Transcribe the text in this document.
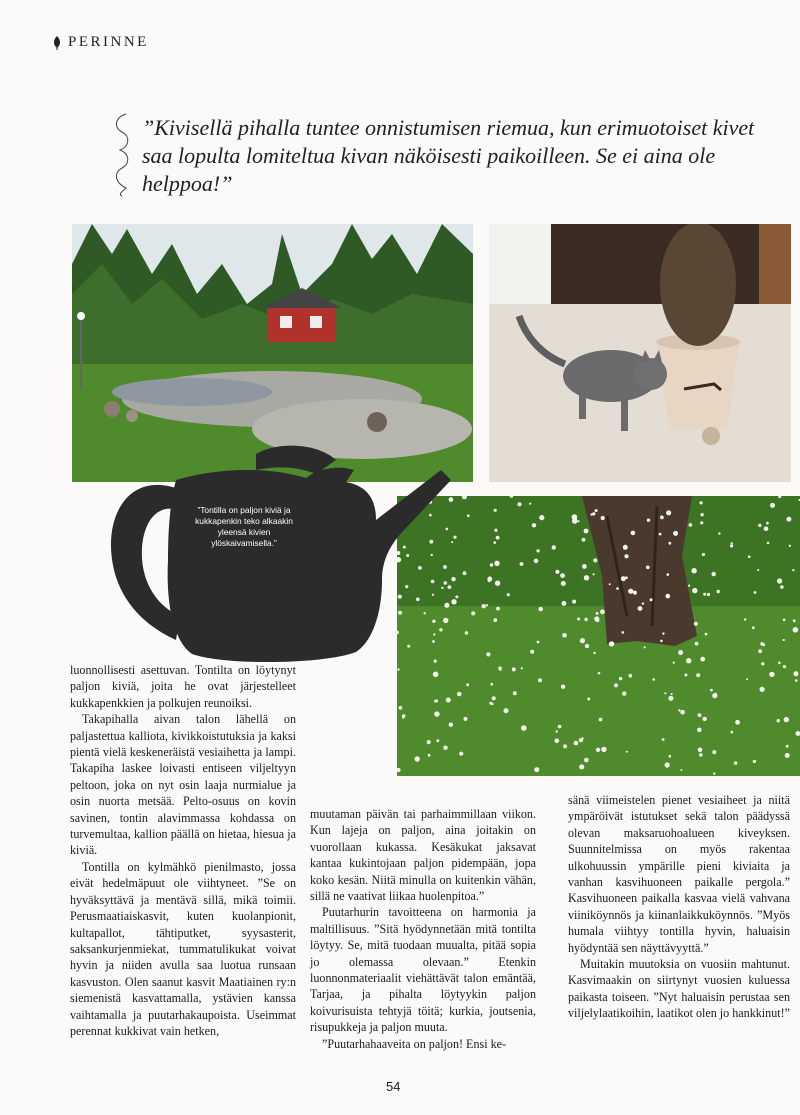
PERINNE
”Kivisellä pihalla tuntee onnistumisen riemua, kun erimuotoiset kivet saa lopulta lomiteltua kivan näköisesti paikoilleen. Se ei aina ole helppoa!”
”Tontilla on paljon kiviä ja kukkapenkin teko alkaakin yleensä kivien ylöskaivamisella.”

luonnollisesti asettuvan. Tontilta on löytynyt paljon kiviä, joita he ovat järjestelleet kukkapenkkien ja polkujen reunoiksi.

Takapihalla aivan talon lähellä on paljastettua kalliota, kivikkoistutuksia ja kaksi pientä vielä keskeneräistä vesiaihetta ja lampi. Takapiha laskee loivasti entiseen viljeltyyn peltoon, joka on nyt osin laaja nurmialue ja osin nuorta metsää. Pelto-osuus on kovin savinen, tontin alavimmassa kohdassa on turvemultaa, kallion päällä on hietaa, hiesua ja kiviä.

Tontilla on kylmähkö pienilmasto, jossa eivät hedelmäpuut ole viihtyneet. ”Se on hyväksyttävä ja mentävä sillä, mikä toimii. Perusmaatiaiskasvit, kuten kuolanpionit, kultapallot, tähtiputket, syysasterit, saksankurjenmiekat, tummatulikukat voivat hyvin ja niiden avulla saa luotua runsaan kasvuston. Olen saanut kasvit Maatiainen ry:n siemenistä kasvattamalla, ystävien kanssa vaihtamalla ja puutarhakaupoista. Useimmat perennat kukkivat vain hetken,

muutaman päivän tai parhaimmillaan viikon. Kun lajeja on paljon, aina joitakin on vuorollaan kukassa. Kesäkukat jaksavat kantaa kukintojaan paljon pidempään, jopa koko kesän. Niitä minulla on kuitenkin vähän, sillä ne vaativat liikaa huolenpitoa.”

Puutarhurin tavoitteena on harmonia ja maltillisuus. ”Sitä hyödynnetään mitä tontilta löytyy. Se, mitä tuodaan muualta, pitää sopia jo olemassa olevaan.” Etenkin luonnonmateriaalit viehättävät talon emäntää, Tarjaa, ja pihalta löytyykin paljon koivurisuista tehtyjä töitä; kurkia, joutsenia, risupukkeja ja paljon muuta.

”Puutarhahaaveita on paljon! Ensi ke-

sänä viimeistelen pienet vesiaiheet ja niitä ympäröivät istutukset sekä talon päädyssä olevan maksaruohoalueen kiveyksen. Suunnitelmissa on myös rakentaa ulkohuussin ympärille pieni kiviaita ja vanhan kasvihuoneen paikalle pergola.” Kasvihuoneen paikalla kasvaa vielä vahvana viiniköynnös ja kiinanlaikkuköynnös. ”Myös humala viihtyy tontilla hyvin, haluaisin hyödyntää sen näyttävyyttä.”

Muitakin muutoksia on vuosiin mahtunut. Kasvimaakin on siirtynyt vuosien kuluessa paikasta toiseen. ”Nyt haluaisin perustaa sen viljelylaatikoihin, laatikot olen jo hankkinut!”

54
